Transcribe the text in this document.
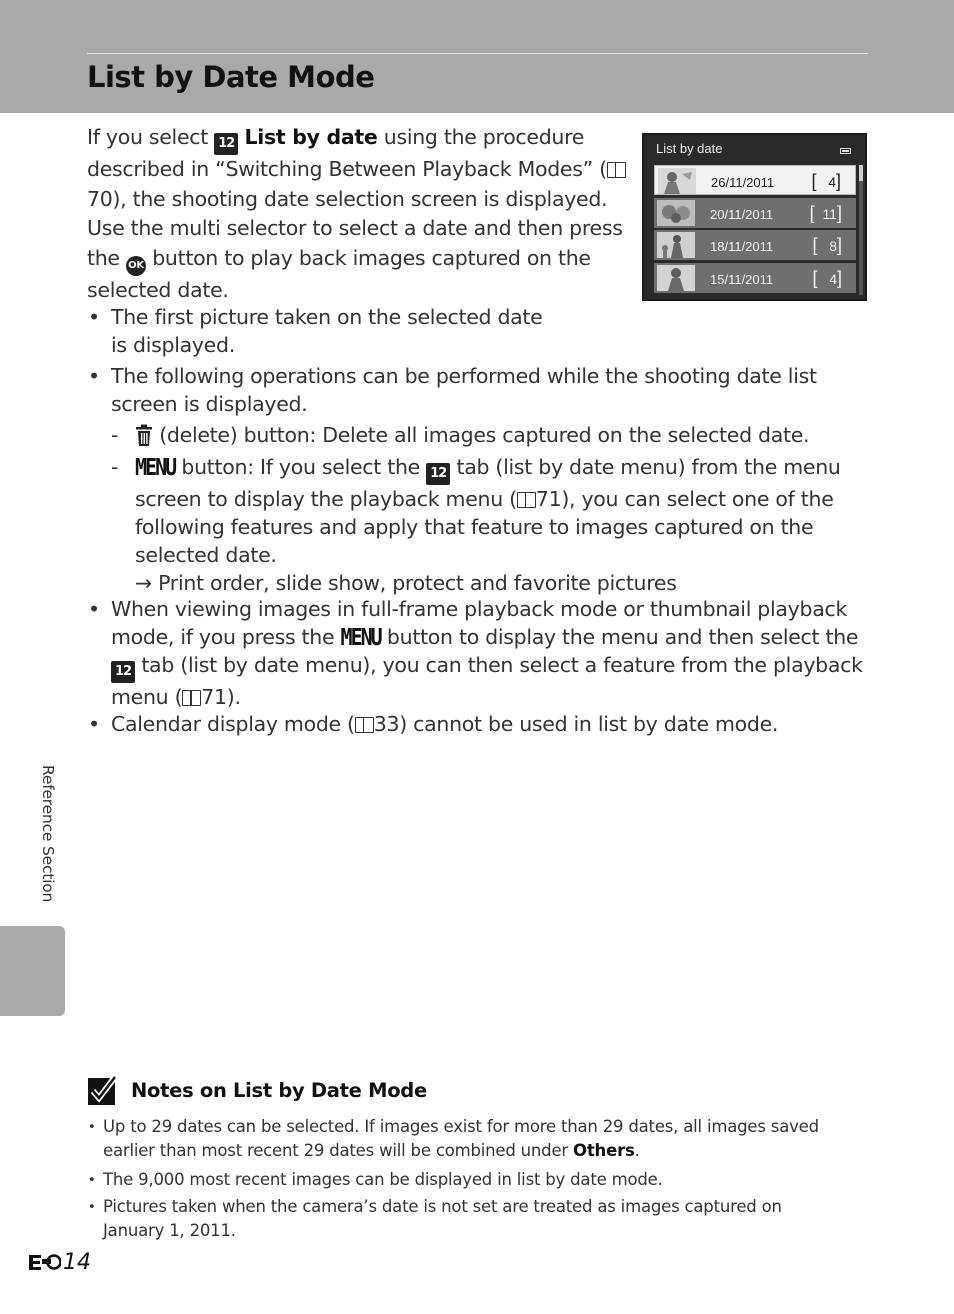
List by Date Mode

If you select 12 List by date using the procedure described in “Switching Between Playback Modes” (70), the shooting date selection screen is displayed. Use the multi selector to select a date and then press the OK button to play back images captured on the selected date.

List by date
26/11/2011 [ 4]
20/11/2011 [ 11]
18/11/2011 [ 8]
15/11/2011 [ 4]
• The first picture taken on the selected date is displayed.
• The following operations can be performed while the shooting date list screen is displayed.
-	(delete) button: Delete all images captured on the selected date.
- MENU button: If you select the 12 tab (list by date menu) from the menu screen to display the playback menu ( 71), you can select one of the following features and apply that feature to images captured on the selected date.
→ Print order, slide show, protect and favorite pictures
• When viewing images in full-frame playback mode or thumbnail playback mode, if you press the MENU button to display the menu and then select the 12 tab (list by date menu), you can then select a feature from the playback menu ( 71).
• Calendar display mode ( 33) cannot be used in list by date mode.
Reference Section
Notes on List by Date Mode
• Up to 29 dates can be selected. If images exist for more than 29 dates, all images saved earlier than most recent 29 dates will be combined under Others.
• The 9,000 most recent images can be displayed in list by date mode.
• Pictures taken when the camera’s date is not set are treated as images captured on January 1, 2011.
14
